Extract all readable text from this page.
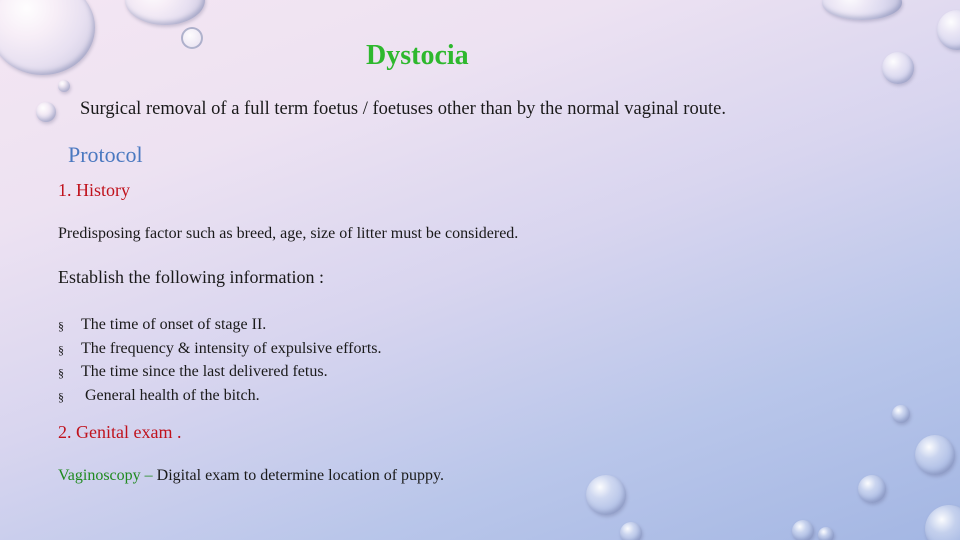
Dystocia
Surgical removal of a full term foetus / foetuses other than by the normal vaginal route.
Protocol
1. History
Predisposing factor such as breed, age, size of litter must be considered.
Establish the following information :
§	The time of onset of stage II.
§	The frequency & intensity of expulsive efforts.
§	The time since the last delivered fetus.
§	General health of the bitch.
2. Genital exam .
Vaginoscopy – Digital exam to determine location of puppy.
